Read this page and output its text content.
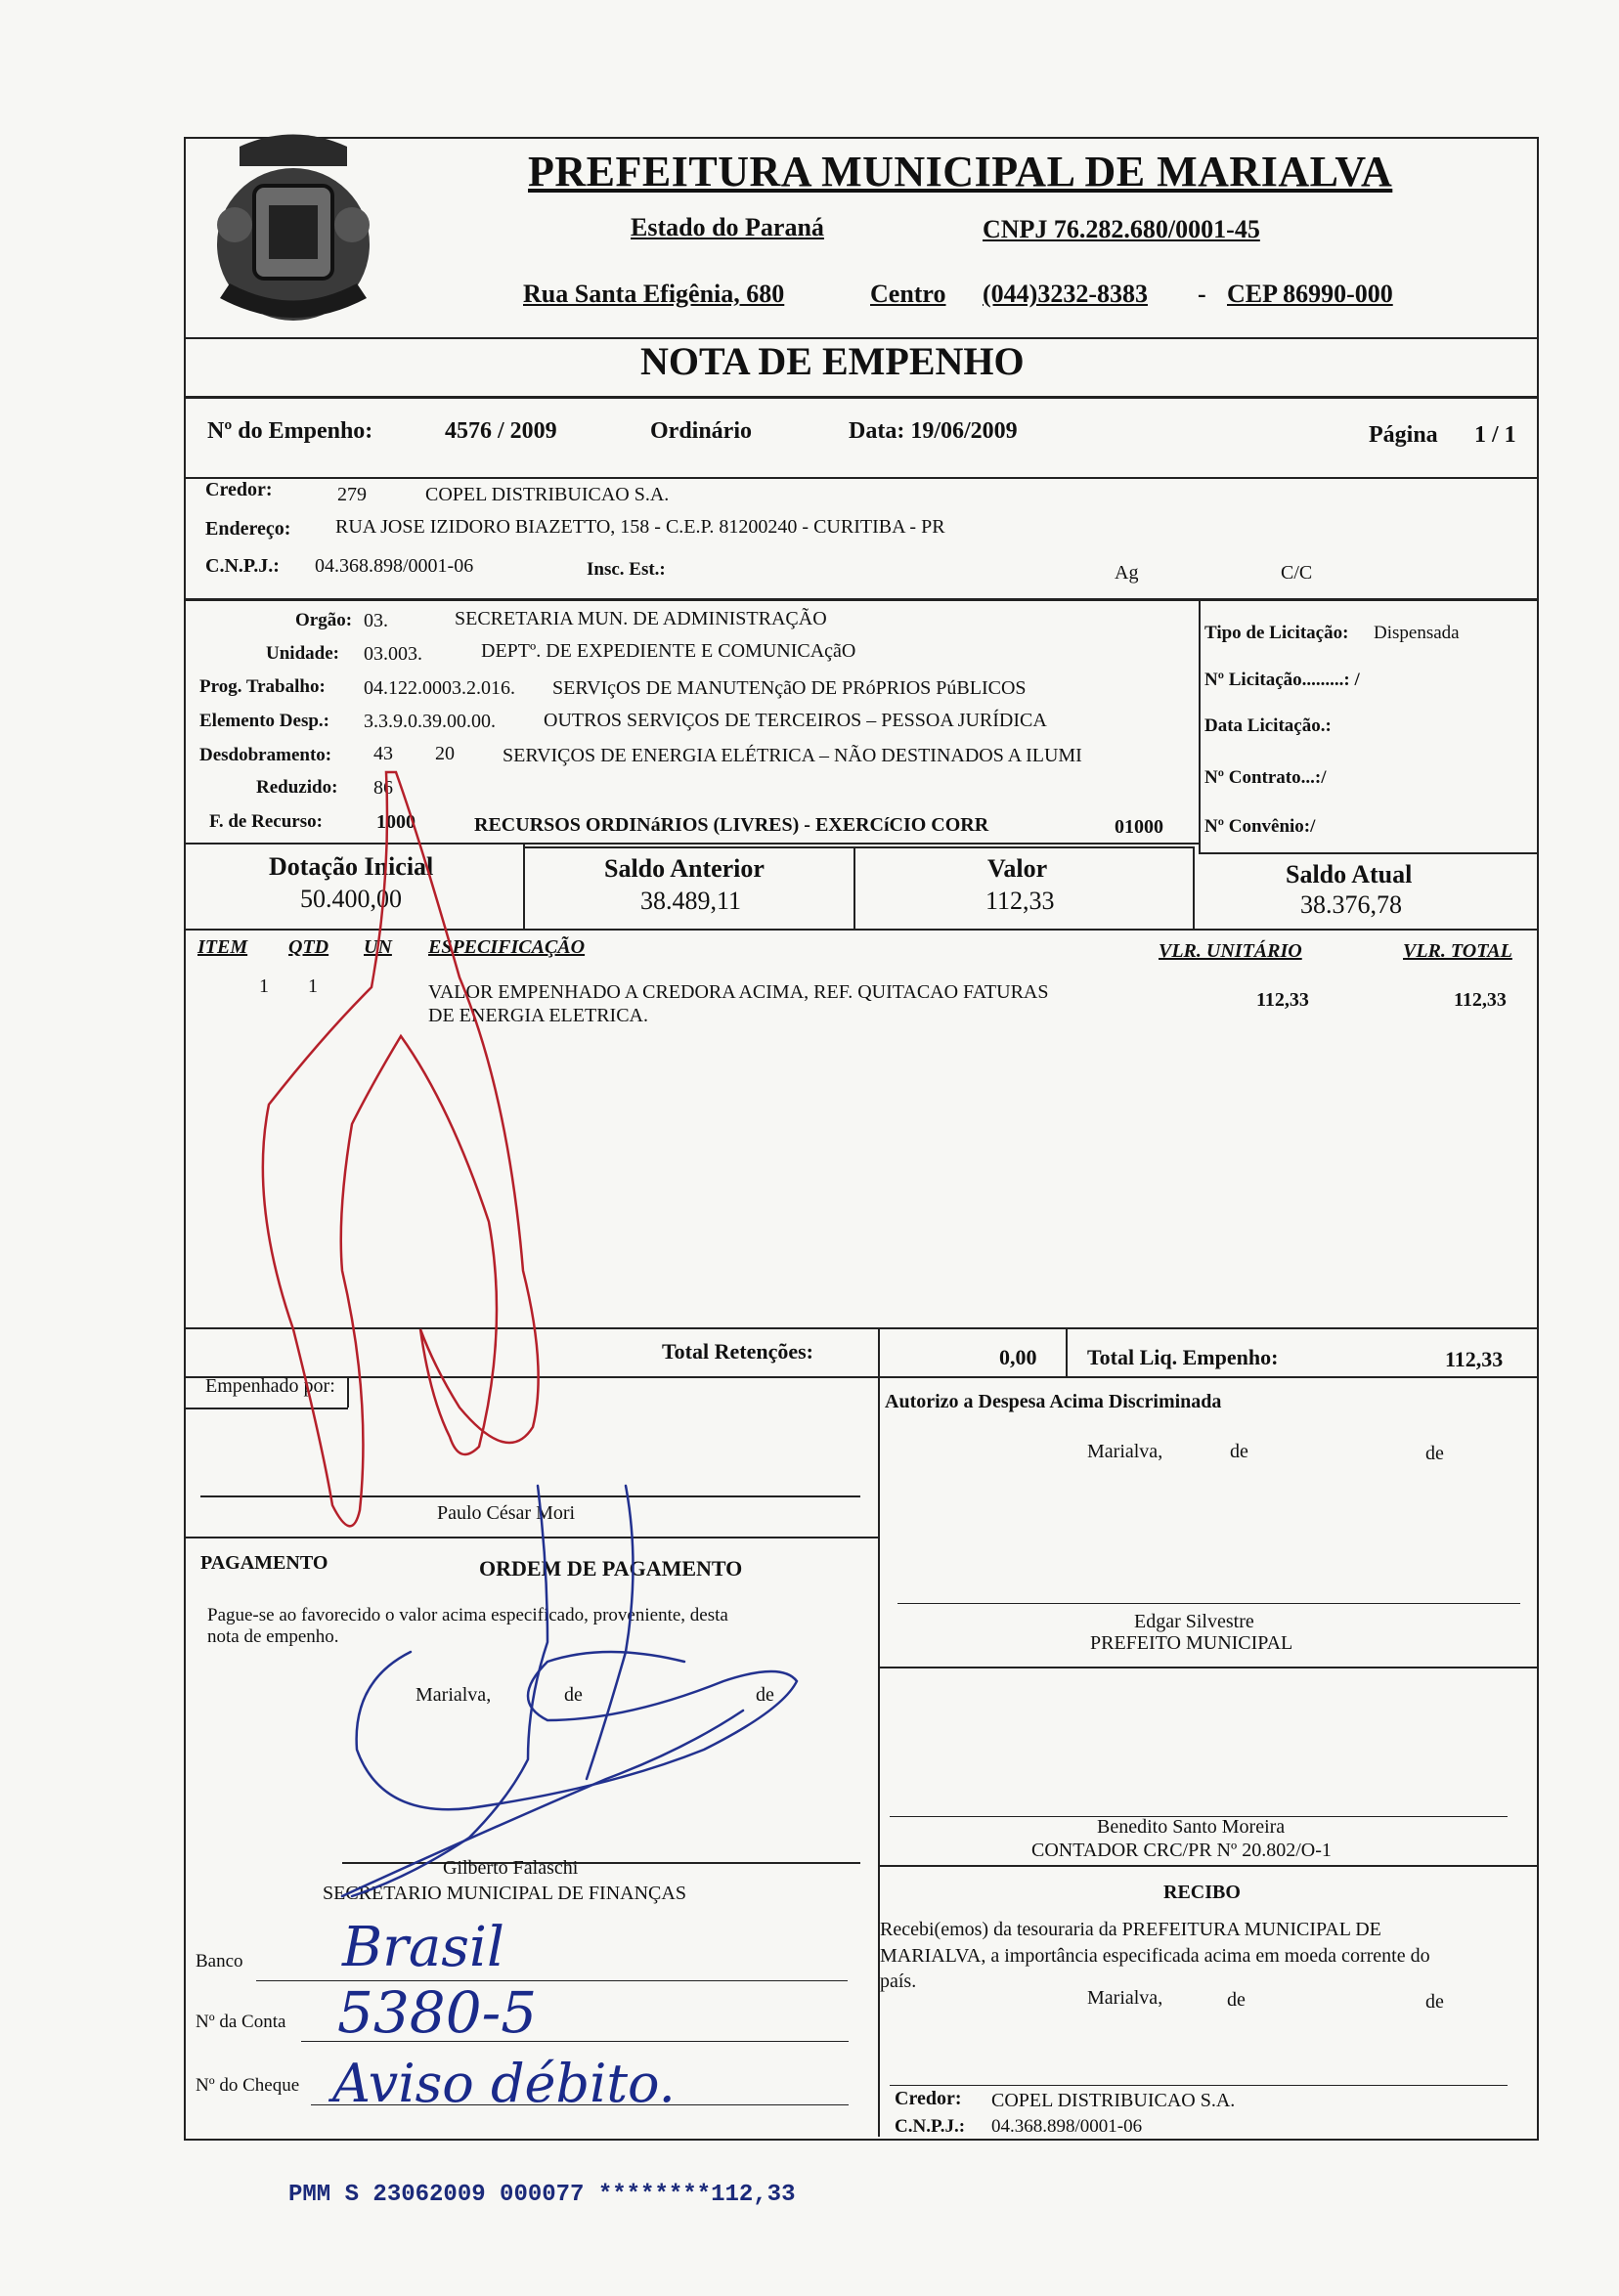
PREFEITURA MUNICIPAL DE MARIALVA
Estado do Paraná	CNPJ 76.282.680/0001-45
Rua Santa Efigênia, 680	Centro (044)3232-8383 - CEP 86990-000
NOTA DE EMPENHO
Nº do Empenho:	4576 / 2009	Ordinário	Data: 19/06/2009	Página 1 / 1
Credor:	279	COPEL DISTRIBUICAO S.A.
Endereço: RUA JOSE IZIDORO BIAZETTO, 158 - C.E.P. 81200240 - CURITIBA - PR
C.N.P.J.: 04.368.898/0001-06	Insc. Est.:	Ag	C/C
Orgão: 03.	SECRETARIA MUN. DE ADMINISTRAÇÃO
Unidade: 03.003.	DEPTº. DE EXPEDIENTE E COMUNICAçãO
Prog. Trabalho: 04.122.0003.2.016. SERVIçOS DE MANUTENçãO DE PRóPRIOS PúBLICOS
Elemento Desp.: 3.3.9.0.39.00.00. OUTROS SERVIÇOS DE TERCEIROS – PESSOA JURÍDICA
Desdobramento: 43 20 SERVIÇOS DE ENERGIA ELÉTRICA – NÃO DESTINADOS A ILUMI
Reduzido: 86
F. de Recurso:	1000	RECURSOS ORDINáRIOS (LIVRES) - EXERCíCIO CORR	01000
Tipo de Licitação: Dispensada
Nº Licitação.........: /
Data Licitação.:
Nº Contrato...:/
Nº Convênio:/
Dotação Inicial
50.400,00
Saldo Anterior
38.489,11
Valor
112,33
Saldo Atual
38.376,78
ITEM QTD UN ESPECIFICAÇÃO	VLR. UNITÁRIO	VLR. TOTAL
1 1	VALOR EMPENHADO A CREDORA ACIMA, REF. QUITACAO FATURAS
DE ENERGIA ELETRICA.
112,33	112,33
Total Retenções:	0,00 Total Liq. Empenho:	112,33
Empenhado por:
Paulo César Mori
PAGAMENTO	ORDEM DE PAGAMENTO
Pague-se ao favorecido o valor acima especificado, proveniente, desta
nota de empenho.
Marialva,	de	de
Gilberto Falaschi
SECRETARIO MUNICIPAL DE FINANÇAS
Banco Brasil
Nº da Conta 5380-5
Nº do Cheque Aviso débito.
Autorizo a Despesa Acima Discriminada
Marialva,	de	de
Edgar Silvestre
PREFEITO MUNICIPAL
Benedito Santo Moreira
CONTADOR CRC/PR Nº 20.802/O-1
RECIBO
Recebi(emos) da tesouraria da PREFEITURA MUNICIPAL DE
MARIALVA, a importância especificada acima em moeda corrente do
país.
Marialva,	de	de
Credor: COPEL DISTRIBUICAO S.A.
C.N.P.J.: 04.368.898/0001-06
PMM S 23062009 000077 ********112,33
